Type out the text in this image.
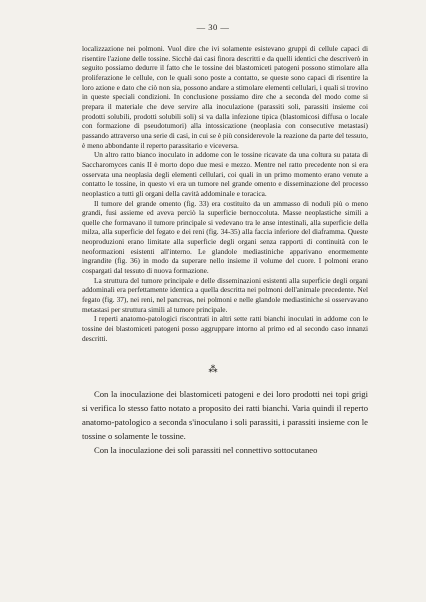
— 30 —

localizzazione nei polmoni. Vuol dire che ivi solamente esistevano gruppi di cellule capaci di risentire l'azione delle tossine. Sicchè dai casi finora descritti e da quelli identici che descriverò in seguito possiamo dedurre il fatto che le tossine dei blastomiceti patogeni possono stimolare alla proliferazione le cellule, con le quali sono poste a contatto, se queste sono capaci di risentire la loro azione e dato che ciò non sia, possono andare a stimolare elementi cellulari, i quali si trovino in queste speciali condizioni. In conclusione possiamo dire che a seconda del modo come si prepara il materiale che deve servire alla inoculazione (parassiti soli, parassiti insieme coi prodotti solubili, prodotti solubili soli) si va dalla infezione tipica (blastomicosi diffusa o locale con formazione di pseudotumori) alla intossicazione (neoplasia con consecutive metastasi) passando attraverso una serie di casi, in cui se è più considerevole la reazione da parte del tessuto, è meno abbondante il reperto parassitario e viceversa.

Un altro ratto bianco inoculato in addome con le tossine ricavate da una coltura su patata di Saccharomyces canis II è morto dopo due mesi e mezzo. Mentre nel ratto precedente non si era osservata una neoplasia degli elementi cellulari, coi quali in un primo momento erano venute a contatto le tossine, in questo vi era un tumore nel grande omento e disseminazione del processo neoplastico a tutti gli organi della cavità addominale e toracica.

Il tumore del grande omento (fig. 33) era costituito da un ammasso di noduli più o meno grandi, fusi assieme ed aveva perciò la superficie bernoccoluta. Masse neoplastiche simili a quelle che formavano il tumore principale si vedevano tra le anse intestinali, alla superficie della milza, alla superficie del fegato e dei reni (fig. 34-35) alla faccia inferiore del diaframma. Queste neoproduzioni erano limitate alla superficie degli organi senza rapporti di continuità con le neoformazioni esistenti all'interno. Le glandole mediastiniche apparivano enormemente ingrandite (fig. 36) in modo da superare nello insieme il volume del cuore. I polmoni erano cospargati dal tessuto di nuova formazione.

La struttura del tumore principale e delle disseminazioni esistenti alla superficie degli organi addominali era perfettamente identica a quella descritta nei polmoni dell'animale precedente. Nel fegato (fig. 37), nei reni, nel pancreas, nei polmoni e nelle glandole mediastiniche si osservavano metastasi per struttura simili al tumore principale.

I reperti anatomo-patologici riscontrati in altri sette ratti bianchi inoculati in addome con le tossine dei blastomiceti patogeni posso aggruppare intorno al primo ed al secondo caso innanzi descritti.

⁂

Con la inoculazione dei blastomiceti patogeni e dei loro prodotti nei topi grigi si verifica lo stesso fatto notato a proposito dei ratti bianchi. Varia quindi il reperto anatomo-patologico a seconda s'inoculano i soli parassiti, i parassiti insieme con le tossine o solamente le tossine.

Con la inoculazione dei soli parassiti nel connettivo sottocutaneo
